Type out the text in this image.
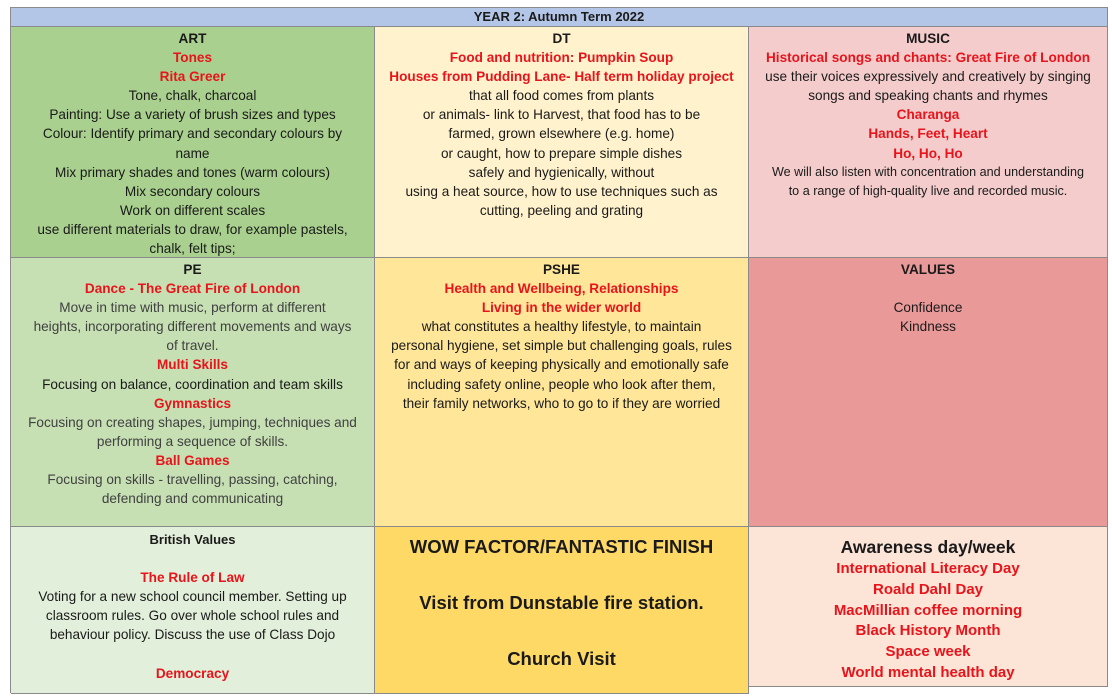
YEAR 2: Autumn Term 2022
ART
Tones
Rita Greer
Tone, chalk, charcoal
Painting: Use a variety of brush sizes and types
Colour: Identify primary and secondary colours by
name
Mix primary shades and tones (warm colours)
Mix secondary colours
Work on different scales
use different materials to draw, for example pastels,
chalk, felt tips;
DT
Food and nutrition: Pumpkin Soup
Houses from Pudding Lane- Half term holiday project
that all food comes from plants
or animals- link to Harvest, that food has to be
farmed, grown elsewhere (e.g. home)
or caught, how to prepare simple dishes
safely and hygienically, without
using a heat source, how to use techniques such as
cutting, peeling and grating
MUSIC
Historical songs and chants: Great Fire of London
use their voices expressively and creatively by singing
songs and speaking chants and rhymes
Charanga
Hands, Feet, Heart
Ho, Ho, Ho
We will also listen with concentration and understanding
to a range of high-quality live and recorded music.
PE
Dance - The Great Fire of London
Move in time with music, perform at different
heights, incorporating different movements and ways
of travel.
Multi Skills
Focusing on balance, coordination and team skills
Gymnastics
Focusing on creating shapes, jumping, techniques and
performing a sequence of skills.
Ball Games
Focusing on skills - travelling, passing, catching,
defending and communicating
PSHE
Health and Wellbeing, Relationships
Living in the wider world
what constitutes a healthy lifestyle, to maintain
personal hygiene, set simple but challenging goals, rules
for and ways of keeping physically and emotionally safe
including safety online, people who look after them,
their family networks, who to go to if they are worried
VALUES

Confidence
Kindness
British Values

The Rule of Law
Voting for a new school council member. Setting up
classroom rules. Go over whole school rules and
behaviour policy. Discuss the use of Class Dojo

Democracy
WOW FACTOR/FANTASTIC FINISH

Visit from Dunstable fire station.

Church Visit
Awareness day/week
International Literacy Day
Roald Dahl Day
MacMillian coffee morning
Black History Month
Space week
World mental health day
